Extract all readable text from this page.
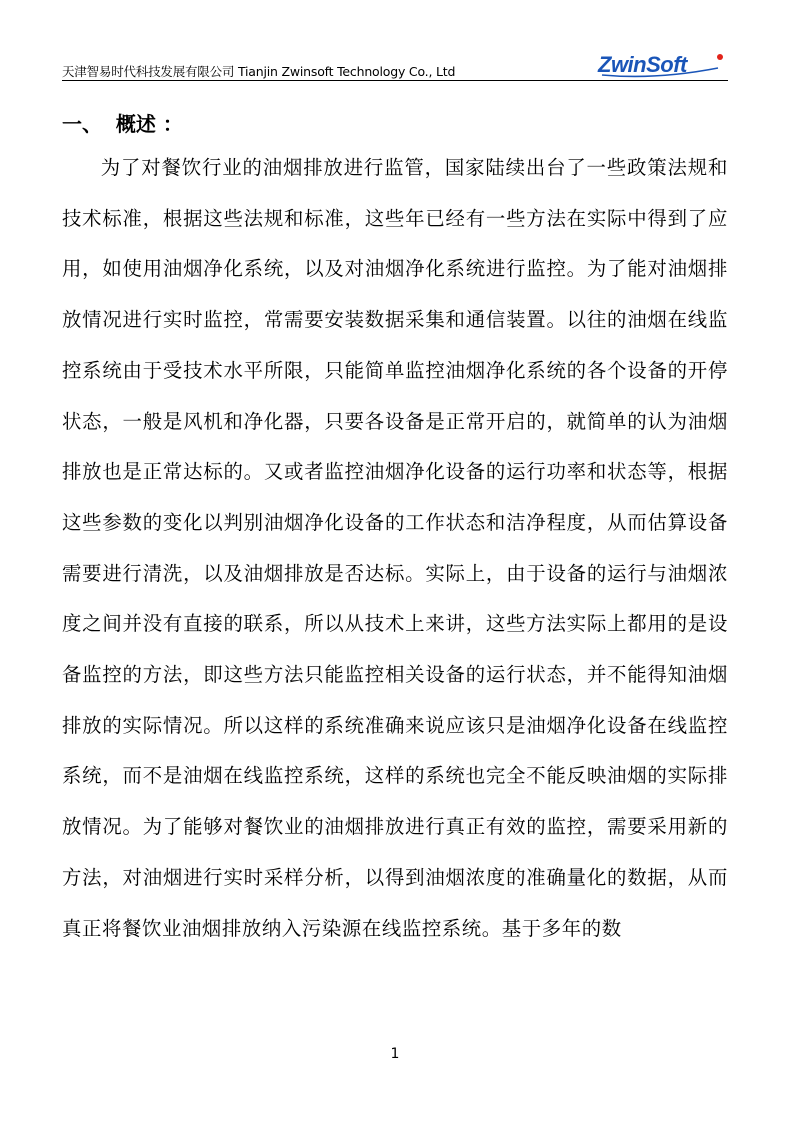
天津智易时代科技发展有限公司 Tianjin Zwinsoft Technology Co., Ltd	ZwinSoft
一、  概述 ：
为了对餐饮行业的油烟排放进行监管，国家陆续出台了一些政策法规和技术标准，根据这些法规和标准，这些年已经有一些方法在实际中得到了应用，如使用油烟净化系统，以及对油烟净化系统进行监控。为了能对油烟排放情况进行实时监控，常需要安装数据采集和通信装置。以往的油烟在线监控系统由于受技术水平所限，只能简单监控油烟净化系统的各个设备的开停状态，一般是风机和净化器，只要各设备是正常开启的，就简单的认为油烟排放也是正常达标的。又或者监控油烟净化设备的运行功率和状态等，根据这些参数的变化以判别油烟净化设备的工作状态和洁净程度，从而估算设备需要进行清洗，以及油烟排放是否达标。实际上，由于设备的运行与油烟浓度之间并没有直接的联系，所以从技术上来讲，这些方法实际上都用的是设备监控的方法，即这些方法只能监控相关设备的运行状态，并不能得知油烟排放的实际情况。所以这样的系统准确来说应该只是油烟净化设备在线监控系统，而不是油烟在线监控系统，这样的系统也完全不能反映油烟的实际排放情况。为了能够对餐饮业的油烟排放进行真正有效的监控，需要采用新的方法，对油烟进行实时采样分析，以得到油烟浓度的准确量化的数据，从而真正将餐饮业油烟排放纳入污染源在线监控系统。基于多年的数
1
